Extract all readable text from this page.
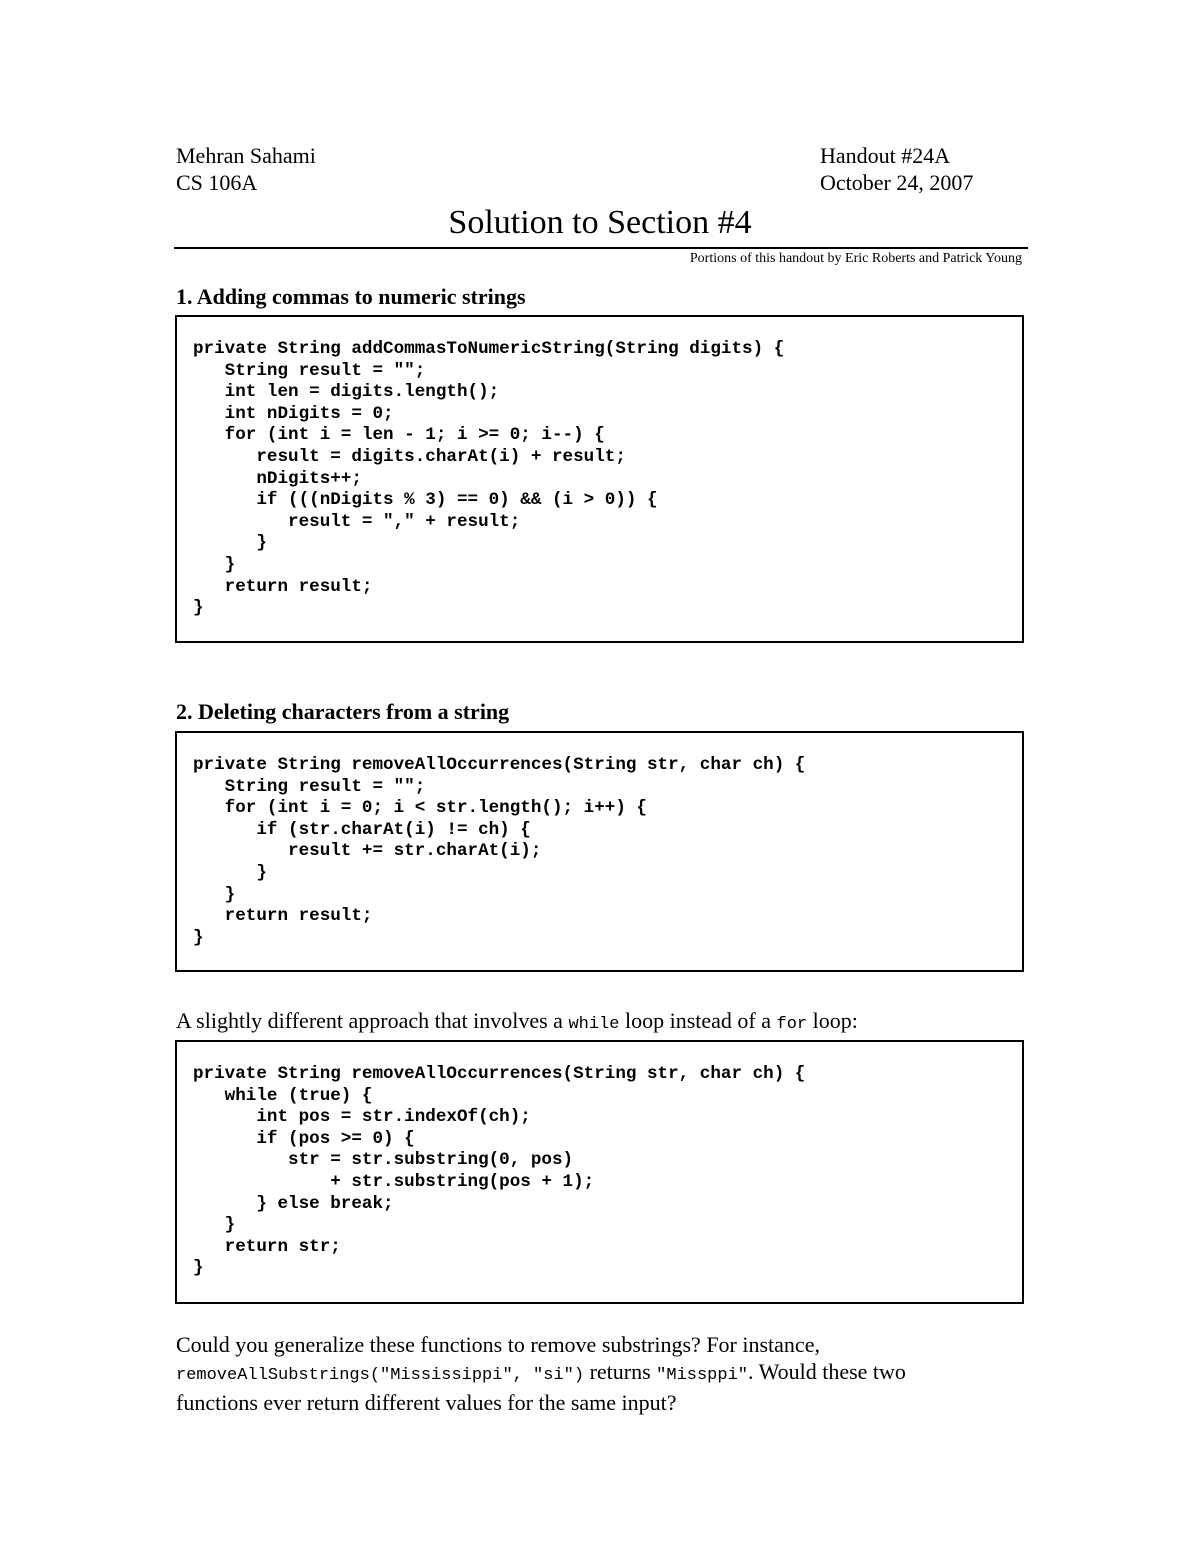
Mehran Sahami
CS 106A
Handout #24A
October 24, 2007
Solution to Section #4
Portions of this handout by Eric Roberts and Patrick Young
1. Adding commas to numeric strings
private String addCommasToNumericString(String digits) {
String result = "";
int len = digits.length();
int nDigits = 0;
for (int i = len - 1; i >= 0; i--) {
result = digits.charAt(i) + result;
nDigits++;
if (((nDigits % 3) == 0) && (i > 0)) {
result = "," + result;
}
}
return result;
}
2. Deleting characters from a string
private String removeAllOccurrences(String str, char ch) {
String result = "";
for (int i = 0; i < str.length(); i++) {
if (str.charAt(i) != ch) {
result += str.charAt(i);
}
}
return result;
}
A slightly different approach that involves a while loop instead of a for loop:
private String removeAllOccurrences(String str, char ch) {
while (true) {
int pos = str.indexOf(ch);
if (pos >= 0) {
str = str.substring(0, pos)
+ str.substring(pos + 1);
} else break;
}
return str;
}
Could you generalize these functions to remove substrings? For instance,
removeAllSubstrings("Mississippi", "si") returns "Missppi". Would these two
functions ever return different values for the same input?
